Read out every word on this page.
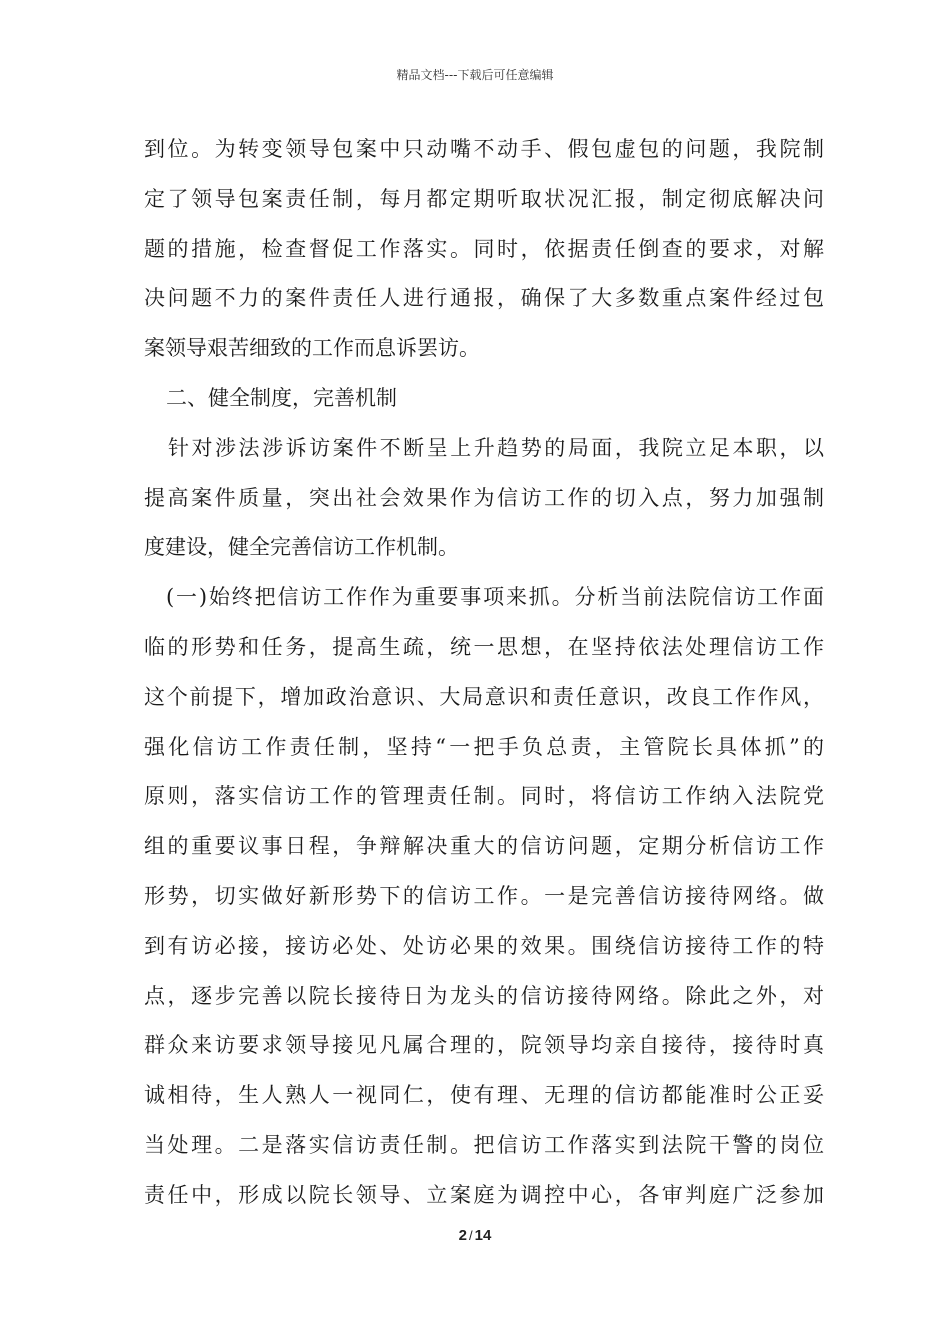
精品文档---下载后可任意编辑
到位。为转变领导包案中只动嘴不动手、假包虚包的问题，我院制
定了领导包案责任制，每月都定期听取状况汇报，制定彻底解决问
题的措施，检查督促工作落实。同时，依据责任倒查的要求，对解
决问题不力的案件责任人进行通报，确保了大多数重点案件经过包
案领导艰苦细致的工作而息诉罢访。
二、健全制度，完善机制
针对涉法涉诉访案件不断呈上升趋势的局面，我院立足本职，以
提高案件质量，突出社会效果作为信访工作的切入点，努力加强制
度建设，健全完善信访工作机制。
(一)始终把信访工作作为重要事项来抓。分析当前法院信访工作面
临的形势和任务，提高生疏，统一思想，在坚持依法处理信访工作
这个前提下，增加政治意识、大局意识和责任意识，改良工作作风，
强化信访工作责任制，坚持“一把手负总责，主管院长具体抓”的
原则，落实信访工作的管理责任制。同时，将信访工作纳入法院党
组的重要议事日程，争辩解决重大的信访问题，定期分析信访工作
形势，切实做好新形势下的信访工作。一是完善信访接待网络。做
到有访必接，接访必处、处访必果的效果。围绕信访接待工作的特
点，逐步完善以院长接待日为龙头的信访接待网络。除此之外，对
群众来访要求领导接见凡属合理的，院领导均亲自接待，接待时真
诚相待，生人熟人一视同仁，使有理、无理的信访都能准时公正妥
当处理。二是落实信访责任制。把信访工作落实到法院干警的岗位
责任中，形成以院长领导、立案庭为调控中心，各审判庭广泛参加
2 / 14
